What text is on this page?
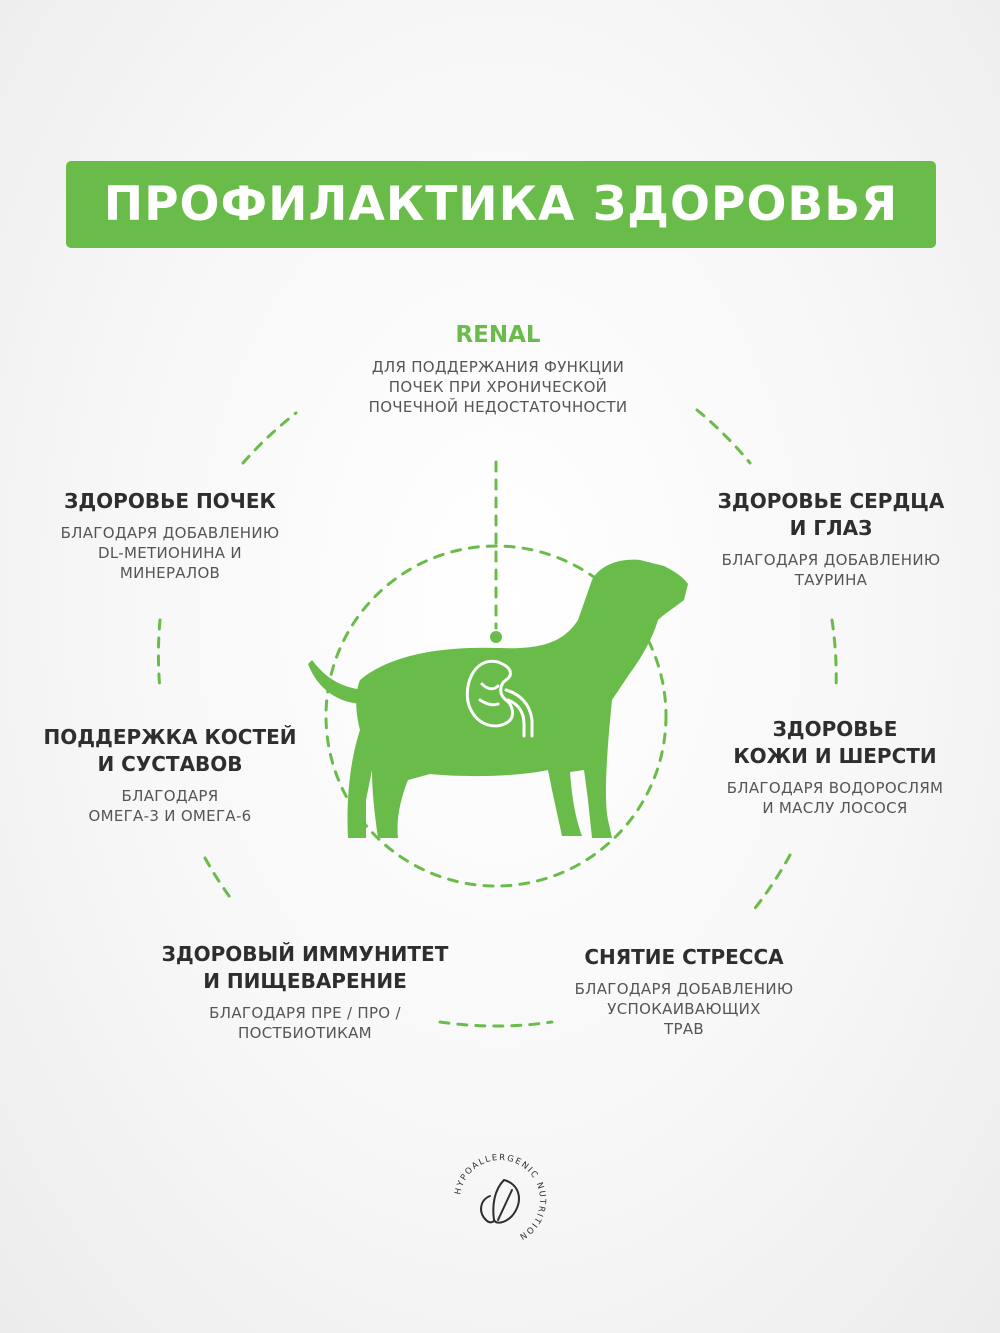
ПРОФИЛАКТИКА ЗДОРОВЬЯ
RENAL
ДЛЯ ПОДДЕРЖАНИЯ ФУНКЦИИ
ПОЧЕК ПРИ ХРОНИЧЕСКОЙ
ПОЧЕЧНОЙ НЕДОСТАТОЧНОСТИ
ЗДОРОВЬЕ ПОЧЕК
БЛАГОДАРЯ ДОБАВЛЕНИЮ
DL-МЕТИОНИНА И
МИНЕРАЛОВ
ЗДОРОВЬЕ СЕРДЦА
И ГЛАЗ
БЛАГОДАРЯ ДОБАВЛЕНИЮ
ТАУРИНА
ПОДДЕРЖКА КОСТЕЙ
И СУСТАВОВ
БЛАГОДАРЯ
ОМЕГА-3 И ОМЕГА-6
ЗДОРОВЬЕ
КОЖИ И ШЕРСТИ
БЛАГОДАРЯ ВОДОРОСЛЯМ
И МАСЛУ ЛОСОСЯ
ЗДОРОВЫЙ ИММУНИТЕТ
И ПИЩЕВАРЕНИЕ
БЛАГОДАРЯ ПРЕ / ПРО /
ПОСТБИОТИКАМ
СНЯТИЕ СТРЕССА
БЛАГОДАРЯ ДОБАВЛЕНИЮ
УСПОКАИВАЮЩИХ
ТРАВ
HYPOALLERGENIC NUTRITION
